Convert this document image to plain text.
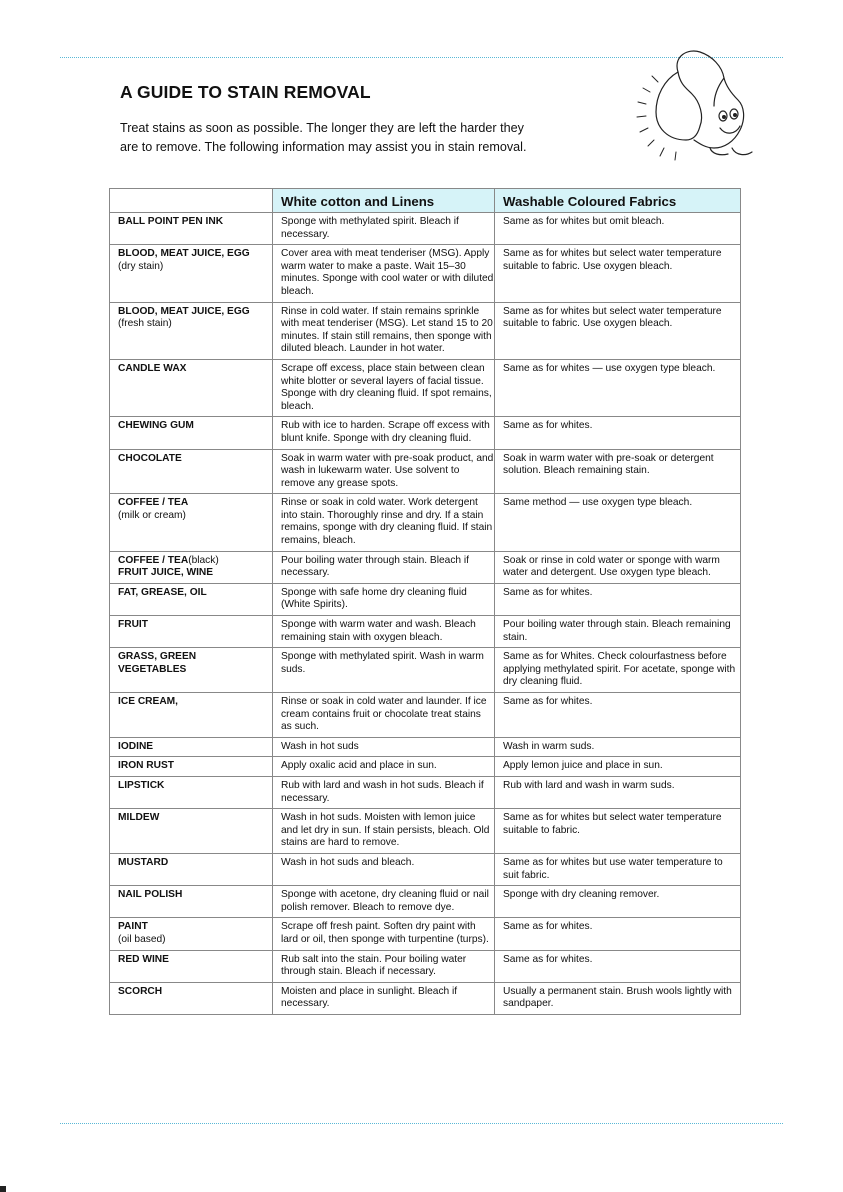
A GUIDE TO STAIN REMOVAL

Treat stains as soon as possible. The longer they are left the harder they
are to remove. The following information may assist you in stain removal.

	White cotton and Linens	Washable Coloured Fabrics
BALL POINT PEN INK	Sponge with methylated spirit. Bleach if necessary.	Same as for whites but omit bleach.
BLOOD, MEAT JUICE, EGG
(dry stain)	Cover area with meat tenderiser (MSG). Apply warm water to make a paste. Wait 15–30 minutes. Sponge with cool water or with diluted bleach.	Same as for whites but select water temperature suitable to fabric. Use oxygen bleach.
BLOOD, MEAT JUICE, EGG
(fresh stain)	Rinse in cold water. If stain remains sprinkle with meat tenderiser (MSG). Let stand 15 to 20 minutes. If stain still remains, then sponge with diluted bleach. Launder in hot water.	Same as for whites but select water temperature suitable to fabric. Use oxygen bleach.
CANDLE WAX	Scrape off excess, place stain between clean white blotter or several layers of facial tissue. Sponge with dry cleaning fluid. If spot remains, bleach.	Same as for whites — use oxygen type bleach.
CHEWING GUM	Rub with ice to harden. Scrape off excess with blunt knife. Sponge with dry cleaning fluid.	Same as for whites.
CHOCOLATE	Soak in warm water with pre-soak product, and wash in lukewarm water. Use solvent to remove any grease spots.	Soak in warm water with pre-soak or detergent solution. Bleach remaining stain.
COFFEE / TEA
(milk or cream)	Rinse or soak in cold water. Work detergent into stain. Thoroughly rinse and dry. If a stain remains, sponge with dry cleaning fluid. If stain remains, bleach.	Same method — use oxygen type bleach.
COFFEE / TEA(black)
FRUIT JUICE, WINE	Pour boiling water through stain. Bleach if necessary.	Soak or rinse in cold water or sponge with warm water and detergent. Use oxygen type bleach.
FAT, GREASE, OIL	Sponge with safe home dry cleaning fluid (White Spirits).	Same as for whites.
FRUIT	Sponge with warm water and wash. Bleach remaining stain with oxygen bleach.	Pour boiling water through stain. Bleach remaining stain.
GRASS, GREEN
VEGETABLES	Sponge with methylated spirit. Wash in warm suds.	Same as for Whites. Check colourfastness before applying methylated spirit. For acetate, sponge with dry cleaning fluid.
ICE CREAM,	Rinse or soak in cold water and launder. If ice cream contains fruit or chocolate treat stains as such.	Same as for whites.
IODINE	Wash in hot suds	Wash in warm suds.
IRON RUST	Apply oxalic acid and place in sun.	Apply lemon juice and place in sun.
LIPSTICK	Rub with lard and wash in hot suds. Bleach if necessary.	Rub with lard and wash in warm suds.
MILDEW	Wash in hot suds. Moisten with lemon juice and let dry in sun. If stain persists, bleach. Old stains are hard to remove.	Same as for whites but select water temperature suitable to fabric.
MUSTARD	Wash in hot suds and bleach.	Same as for whites but use water temperature to suit fabric.
NAIL POLISH	Sponge with acetone, dry cleaning fluid or nail polish remover. Bleach to remove dye.	Sponge with dry cleaning remover.
PAINT
(oil based)	Scrape off fresh paint. Soften dry paint with lard or oil, then sponge with turpentine (turps).	Same as for whites.
RED WINE	Rub salt into the stain. Pour boiling water through stain. Bleach if necessary.	Same as for whites.
SCORCH	Moisten and place in sunlight. Bleach if necessary.	Usually a permanent stain. Brush wools lightly with sandpaper.
